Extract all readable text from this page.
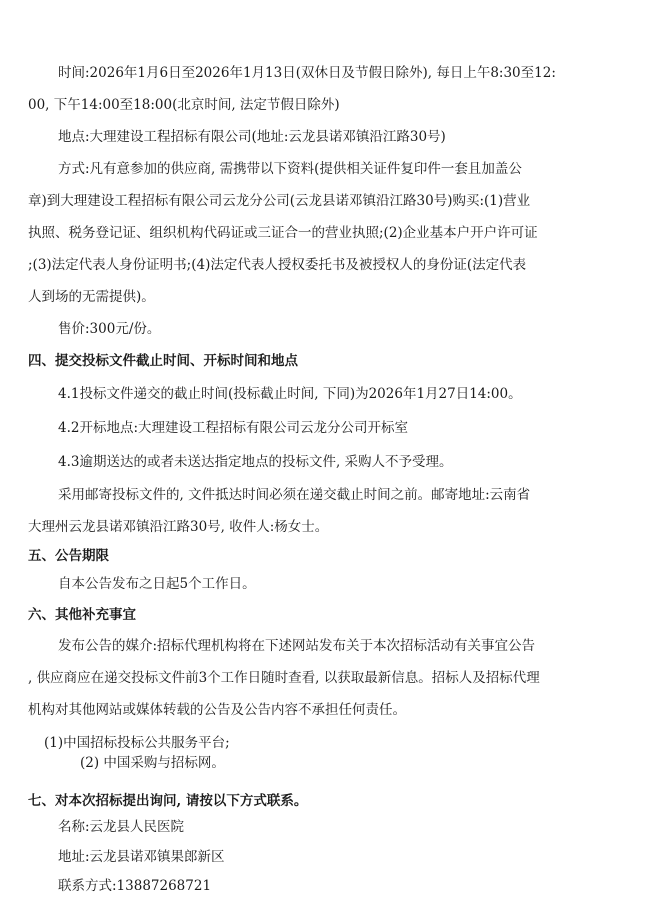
时间:2026年1月6日至2026年1月13日(双休日及节假日除外), 每日上午8:30至12:

00, 下午14:00至18:00(北京时间, 法定节假日除外)

地点:大理建设工程招标有限公司(地址:云龙县诺邓镇沿江路30号)

方式:凡有意参加的供应商, 需携带以下资料(提供相关证件复印件一套且加盖公

章)到大理建设工程招标有限公司云龙分公司(云龙县诺邓镇沿江路30号)购买:(1)营业

执照、税务登记证、组织机构代码证或三证合一的营业执照;(2)企业基本户开户许可证

;(3)法定代表人身份证明书;(4)法定代表人授权委托书及被授权人的身份证(法定代表

人到场的无需提供)。

售价:300元/份。

四、提交投标文件截止时间、开标时间和地点

4.1投标文件递交的截止时间(投标截止时间, 下同)为2026年1月27日14:00。

4.2开标地点:大理建设工程招标有限公司云龙分公司开标室

4.3逾期送达的或者未送达指定地点的投标文件, 采购人不予受理。

采用邮寄投标文件的, 文件抵达时间必须在递交截止时间之前。邮寄地址:云南省

大理州云龙县诺邓镇沿江路30号, 收件人:杨女士。

五、公告期限

自本公告发布之日起5个工作日。

六、其他补充事宜

发布公告的媒介:招标代理机构将在下述网站发布关于本次招标活动有关事宜公告

, 供应商应在递交投标文件前3个工作日随时查看, 以获取最新信息。招标人及招标代理

机构对其他网站或媒体转载的公告及公告内容不承担任何责任。

(1)中国招标投标公共服务平台;

(2) 中国采购与招标网。

七、对本次招标提出询问, 请按以下方式联系。

名称:云龙县人民医院

地址:云龙县诺邓镇果郎新区

联系方式:13887268721
